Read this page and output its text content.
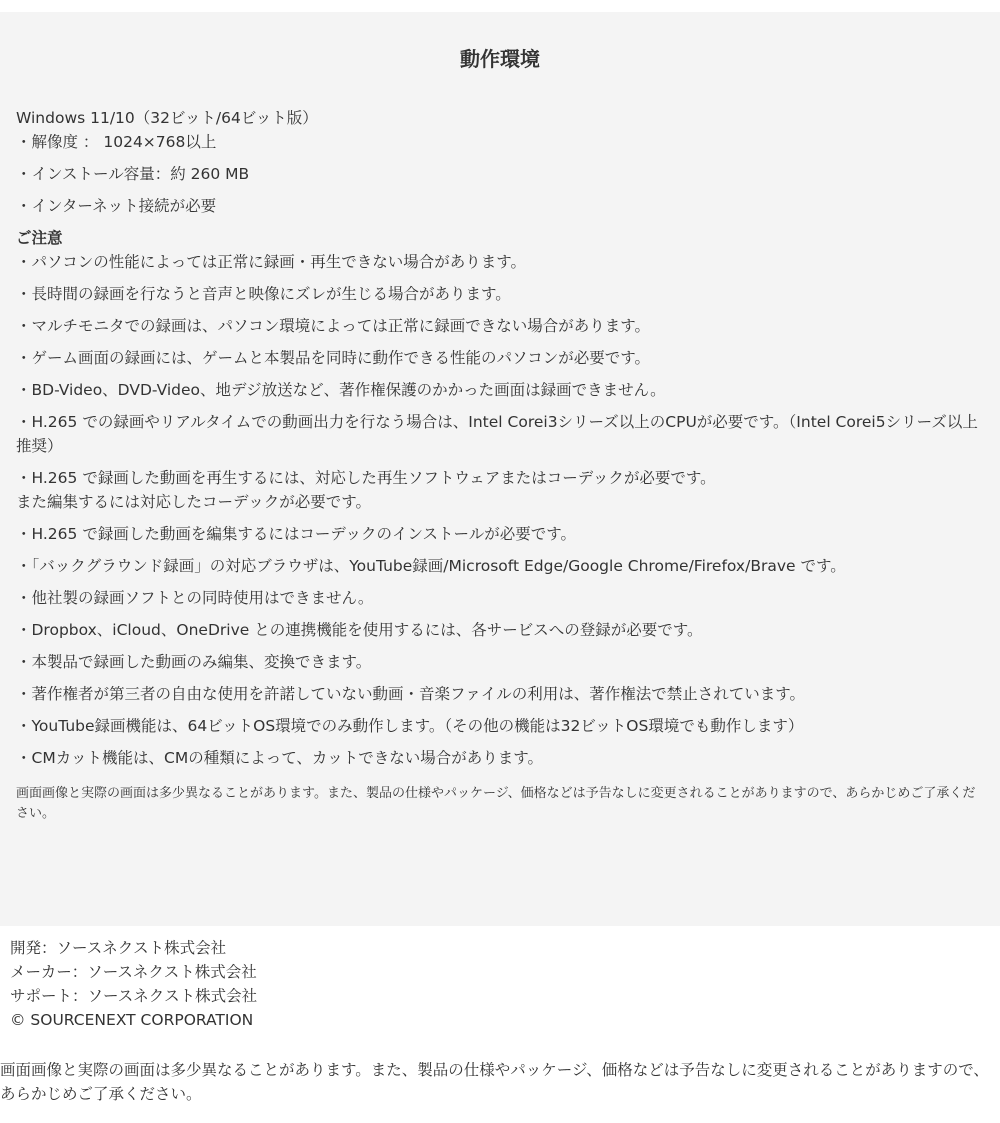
動作環境
Windows 11/10（32ビット/64ビット版）
・解像度 ： 1024×768以上
・インストール容量：約 260 MB
・インターネット接続が必要
ご注意
・パソコンの性能によっては正常に録画・再生できない場合があります。
・長時間の録画を行なうと音声と映像にズレが生じる場合があります。
・マルチモニタでの録画は、パソコン環境によっては正常に録画できない場合があります。
・ゲーム画面の録画には、ゲームと本製品を同時に動作できる性能のパソコンが必要です。
・BD-Video、DVD-Video、地デジ放送など、著作権保護のかかった画面は録画できません。
・H.265 での録画やリアルタイムでの動画出力を行なう場合は、Intel Corei3シリーズ以上のCPUが必要です。（Intel Corei5シリーズ以上推奨）
・H.265 で録画した動画を再生するには、対応した再生ソフトウェアまたはコーデックが必要です。
また編集するには対応したコーデックが必要です。
・H.265 で録画した動画を編集するにはコーデックのインストールが必要です。
・「バックグラウンド録画」の対応ブラウザは、YouTube録画/Microsoft Edge/Google Chrome/Firefox/Brave です。
・他社製の録画ソフトとの同時使用はできません。
・Dropbox、iCloud、OneDrive との連携機能を使用するには、各サービスへの登録が必要です。
・本製品で録画した動画のみ編集、変換できます。
・著作権者が第三者の自由な使用を許諾していない動画・音楽ファイルの利用は、著作権法で禁止されています。
・YouTube録画機能は、64ビットOS環境でのみ動作します。（その他の機能は32ビットOS環境でも動作します）
・CMカット機能は、CMの種類によって、カットできない場合があります。
画面画像と実際の画面は多少異なることがあります。また、製品の仕様やパッケージ、価格などは予告なしに変更されることがありますので、あらかじめご了承ください。
開発：ソースネクスト株式会社
メーカー：ソースネクスト株式会社
サポート：ソースネクスト株式会社
© SOURCENEXT CORPORATION
画面画像と実際の画面は多少異なることがあります。また、製品の仕様やパッケージ、価格などは予告なしに変更されることがありますので、あらかじめご了承ください。
